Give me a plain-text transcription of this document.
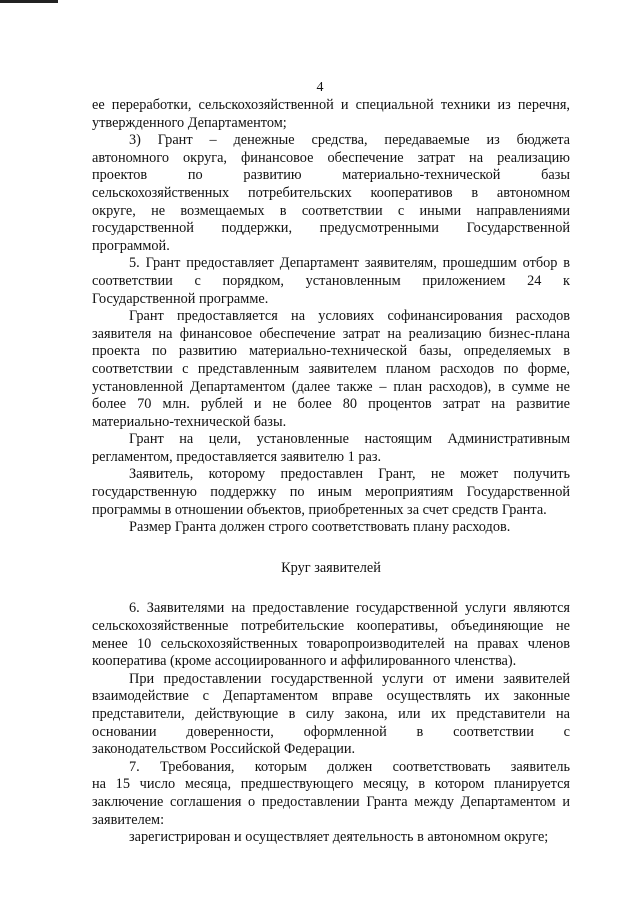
4
ее переработки, сельскохозяйственной и специальной техники из перечня,
утвержденного Департаментом;
3) Грант – денежные средства, передаваемые из бюджета
автономного округа, финансовое обеспечение затрат на реализацию
проектов по развитию материально-технической базы
сельскохозяйственных потребительских кооперативов в автономном
округе, не возмещаемых в соответствии с иными направлениями
государственной поддержки, предусмотренными Государственной
программой.
5. Грант предоставляет Департамент заявителям, прошедшим отбор в
соответствии с порядком, установленным приложением 24 к
Государственной программе.
Грант предоставляется на условиях софинансирования расходов
заявителя на финансовое обеспечение затрат на реализацию бизнес-плана
проекта по развитию материально-технической базы, определяемых в
соответствии с представленным заявителем планом расходов по форме,
установленной Департаментом (далее также – план расходов), в сумме не
более 70 млн. рублей и не более 80 процентов затрат на развитие
материально-технической базы.
Грант на цели, установленные настоящим Административным
регламентом, предоставляется заявителю 1 раз.
Заявитель, которому предоставлен Грант, не может получить
государственную поддержку по иным мероприятиям Государственной
программы в отношении объектов, приобретенных за счет средств Гранта.
Размер Гранта должен строго соответствовать плану расходов.
Круг заявителей
6. Заявителями на предоставление государственной услуги являются
сельскохозяйственные потребительские кооперативы, объединяющие не
менее 10 сельскохозяйственных товаропроизводителей на правах членов
кооператива (кроме ассоциированного и аффилированного членства).
При предоставлении государственной услуги от имени заявителей
взаимодействие с Департаментом вправе осуществлять их законные
представители, действующие в силу закона, или их представители на
основании доверенности, оформленной в соответствии с
законодательством Российской Федерации.
7. Требования, которым должен соответствовать заявитель
на 15 число месяца, предшествующего месяцу, в котором планируется
заключение соглашения о предоставлении Гранта между Департаментом и
заявителем:
зарегистрирован и осуществляет деятельность в автономном округе;
